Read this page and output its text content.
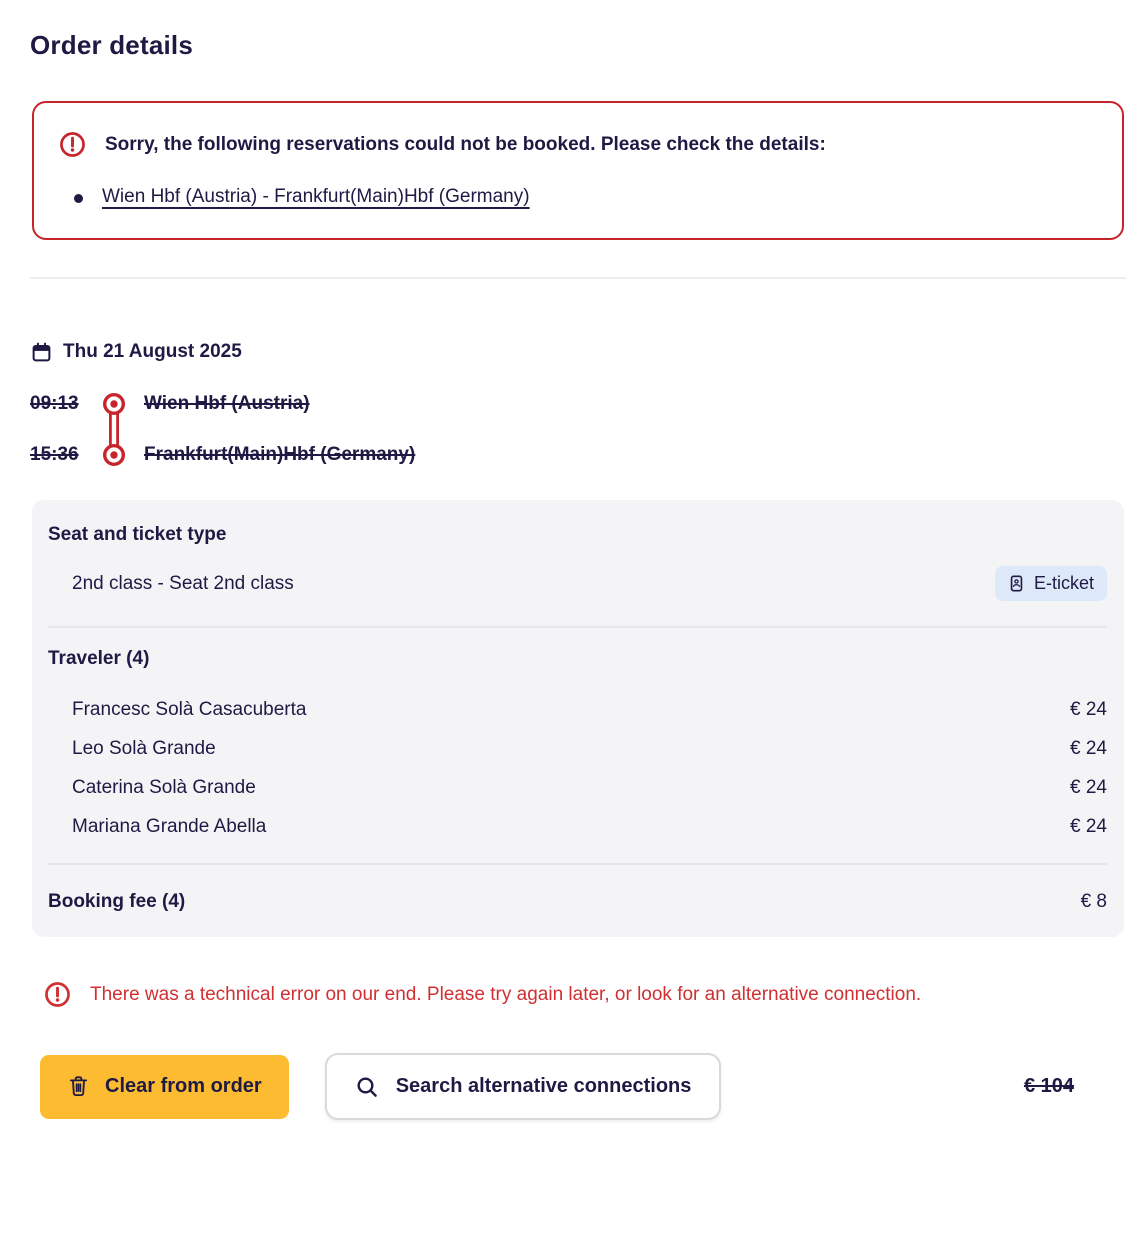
Order details
Sorry, the following reservations could not be booked. Please check the details:
Wien Hbf (Austria) - Frankfurt(Main)Hbf (Germany)
Thu 21 August 2025
09:13	Wien Hbf (Austria)
15:36	Frankfurt(Main)Hbf (Germany)
Seat and ticket type
2nd class - Seat 2nd class	E-ticket
Traveler (4)
Francesc Solà Casacuberta	€ 24
Leo Solà Grande	€ 24
Caterina Solà Grande	€ 24
Mariana Grande Abella	€ 24
Booking fee (4)	€ 8
There was a technical error on our end. Please try again later, or look for an alternative connection.
Clear from order	Search alternative connections	€ 104
